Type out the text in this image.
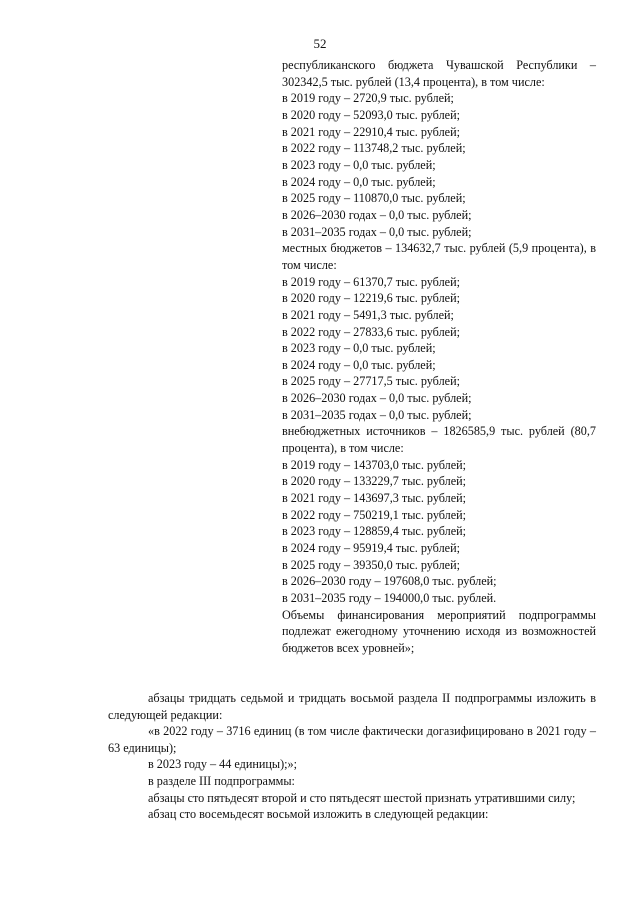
52
республиканского бюджета Чувашской Республики – 302342,5 тыс. рублей (13,4 процента), в том числе:
в 2019 году – 2720,9 тыс. рублей;
в 2020 году – 52093,0 тыс. рублей;
в 2021 году – 22910,4 тыс. рублей;
в 2022 году – 113748,2 тыс. рублей;
в 2023 году – 0,0 тыс. рублей;
в 2024 году – 0,0 тыс. рублей;
в 2025 году – 110870,0 тыс. рублей;
в 2026–2030 годах – 0,0 тыс. рублей;
в 2031–2035 годах – 0,0 тыс. рублей;
местных бюджетов – 134632,7 тыс. рублей (5,9 процента), в том числе:
в 2019 году – 61370,7 тыс. рублей;
в 2020 году – 12219,6 тыс. рублей;
в 2021 году – 5491,3 тыс. рублей;
в 2022 году – 27833,6 тыс. рублей;
в 2023 году – 0,0 тыс. рублей;
в 2024 году – 0,0 тыс. рублей;
в 2025 году – 27717,5 тыс. рублей;
в 2026–2030 годах – 0,0 тыс. рублей;
в 2031–2035 годах – 0,0 тыс. рублей;
внебюджетных источников – 1826585,9 тыс. рублей (80,7 процента), в том числе:
в 2019 году – 143703,0 тыс. рублей;
в 2020 году – 133229,7 тыс. рублей;
в 2021 году – 143697,3 тыс. рублей;
в 2022 году – 750219,1 тыс. рублей;
в 2023 году – 128859,4 тыс. рублей;
в 2024 году – 95919,4 тыс. рублей;
в 2025 году – 39350,0 тыс. рублей;
в 2026–2030 году – 197608,0 тыс. рублей;
в 2031–2035 году – 194000,0 тыс. рублей.
Объемы финансирования мероприятий подпрограммы подлежат ежегодному уточнению исходя из возможностей бюджетов всех уровней»;
абзацы тридцать седьмой и тридцать восьмой раздела II подпрограммы изложить в следующей редакции:
«в 2022 году – 3716 единиц (в том числе фактически догазифицировано в 2021 году – 63 единицы);
в 2023 году – 44 единицы);»;
в разделе III подпрограммы:
абзацы сто пятьдесят второй и сто пятьдесят шестой признать утратившими силу;
абзац сто восемьдесят восьмой изложить в следующей редакции:
